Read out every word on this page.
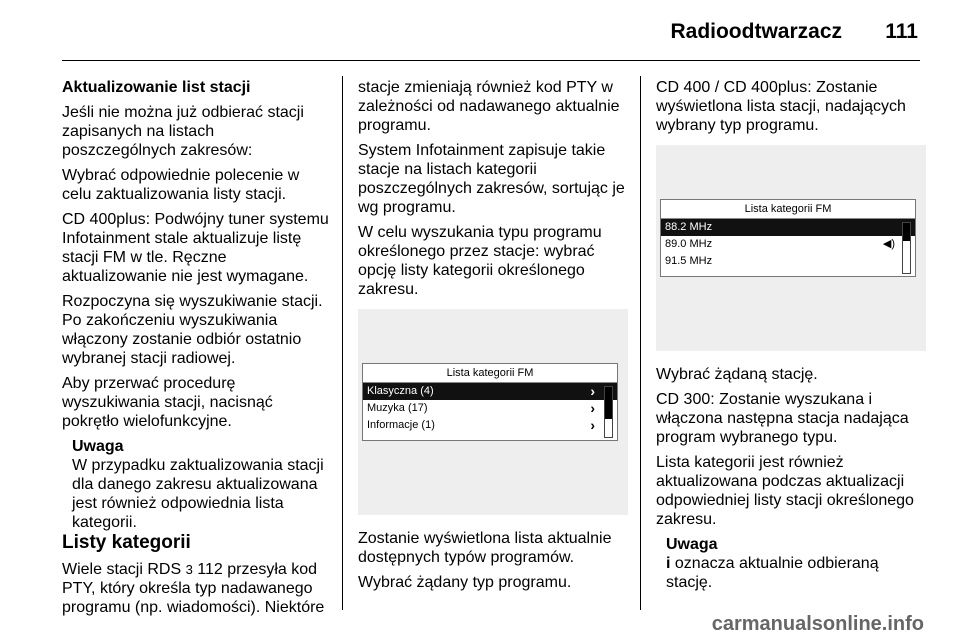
Radioodtwarzacz 111

Aktualizowanie list stacji

Jeśli nie można już odbierać stacji zapisanych na listach poszczególnych zakresów:

Wybrać odpowiednie polecenie w celu zaktualizowania listy stacji.

CD 400plus: Podwójny tuner systemu Infotainment stale aktualizuje listę stacji FM w tle. Ręczne aktualizowanie nie jest wymagane.

Rozpoczyna się wyszukiwanie stacji. Po zakończeniu wyszukiwania włączony zostanie odbiór ostatnio wybranej stacji radiowej.

Aby przerwać procedurę wyszukiwania stacji, nacisnąć pokrętło wielofunkcyjne.

Uwaga
W przypadku zaktualizowania stacji dla danego zakresu aktualizowana jest również odpowiednia lista kategorii.

Listy kategorii

Wiele stacji RDS 3 112 przesyła kod PTY, który określa typ nadawanego programu (np. wiadomości). Niektóre

stacje zmieniają również kod PTY w zależności od nadawanego aktualnie programu.

System Infotainment zapisuje takie stacje na listach kategorii poszczególnych zakresów, sortując je wg programu.

W celu wyszukania typu programu określonego przez stacje: wybrać opcję listy kategorii określonego zakresu.

Lista kategorii FM
Klasyczna (4)	›
Muzyka (17)	›
Informacje (1)	›

Zostanie wyświetlona lista aktualnie dostępnych typów programów.

Wybrać żądany typ programu.

CD 400 / CD 400plus: Zostanie wyświetlona lista stacji, nadających wybrany typ programu.

Lista kategorii FM
88.2 MHz
89.0 MHz	◀)
91.5 MHz

Wybrać żądaną stację.

CD 300: Zostanie wyszukana i włączona następna stacja nadająca program wybranego typu.

Lista kategorii jest również aktualizowana podczas aktualizacji odpowiedniej listy stacji określonego zakresu.

Uwaga
i oznacza aktualnie odbieraną stację.
carmanualsonline.info
